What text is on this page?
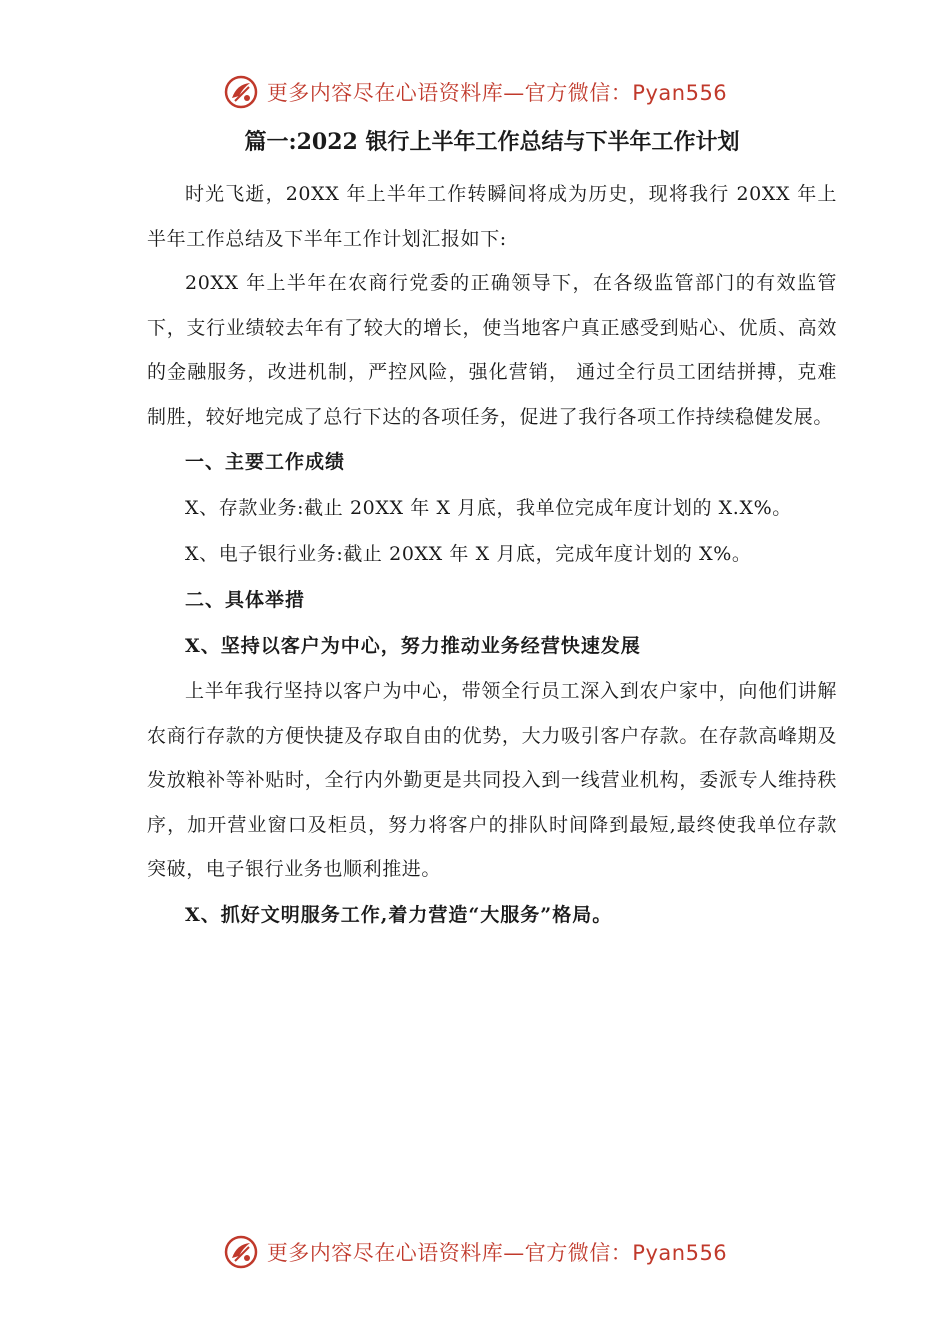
更多内容尽在心语资料库—官方微信：Pyan556
篇一:2022 银行上半年工作总结与下半年工作计划

时光飞逝，20XX 年上半年工作转瞬间将成为历史，现将我行 20XX 年上半年工作总结及下半年工作计划汇报如下:

20XX 年上半年在农商行党委的正确领导下，在各级监管部门的有效监管下，支行业绩较去年有了较大的增长，使当地客户真正感受到贴心、优质、高效的金融服务，改进机制，严控风险，强化营销， 通过全行员工团结拼搏，克难制胜，较好地完成了总行下达的各项任务，促进了我行各项工作持续稳健发展。

一、主要工作成绩

X、存款业务:截止 20XX 年 X 月底，我单位完成年度计划的 X.X%。

X、电子银行业务:截止 20XX 年 X 月底，完成年度计划的 X%。

二、具体举措

X、坚持以客户为中心，努力推动业务经营快速发展

上半年我行坚持以客户为中心，带领全行员工深入到农户家中，向他们讲解农商行存款的方便快捷及存取自由的优势，大力吸引客户存款。在存款高峰期及发放粮补等补贴时，全行内外勤更是共同投入到一线营业机构，委派专人维持秩序，加开营业窗口及柜员，努力将客户的排队时间降到最短,最终使我单位存款突破，电子银行业务也顺利推进。

X、抓好文明服务工作,着力营造“大服务”格局。

更多内容尽在心语资料库—官方微信：Pyan556
